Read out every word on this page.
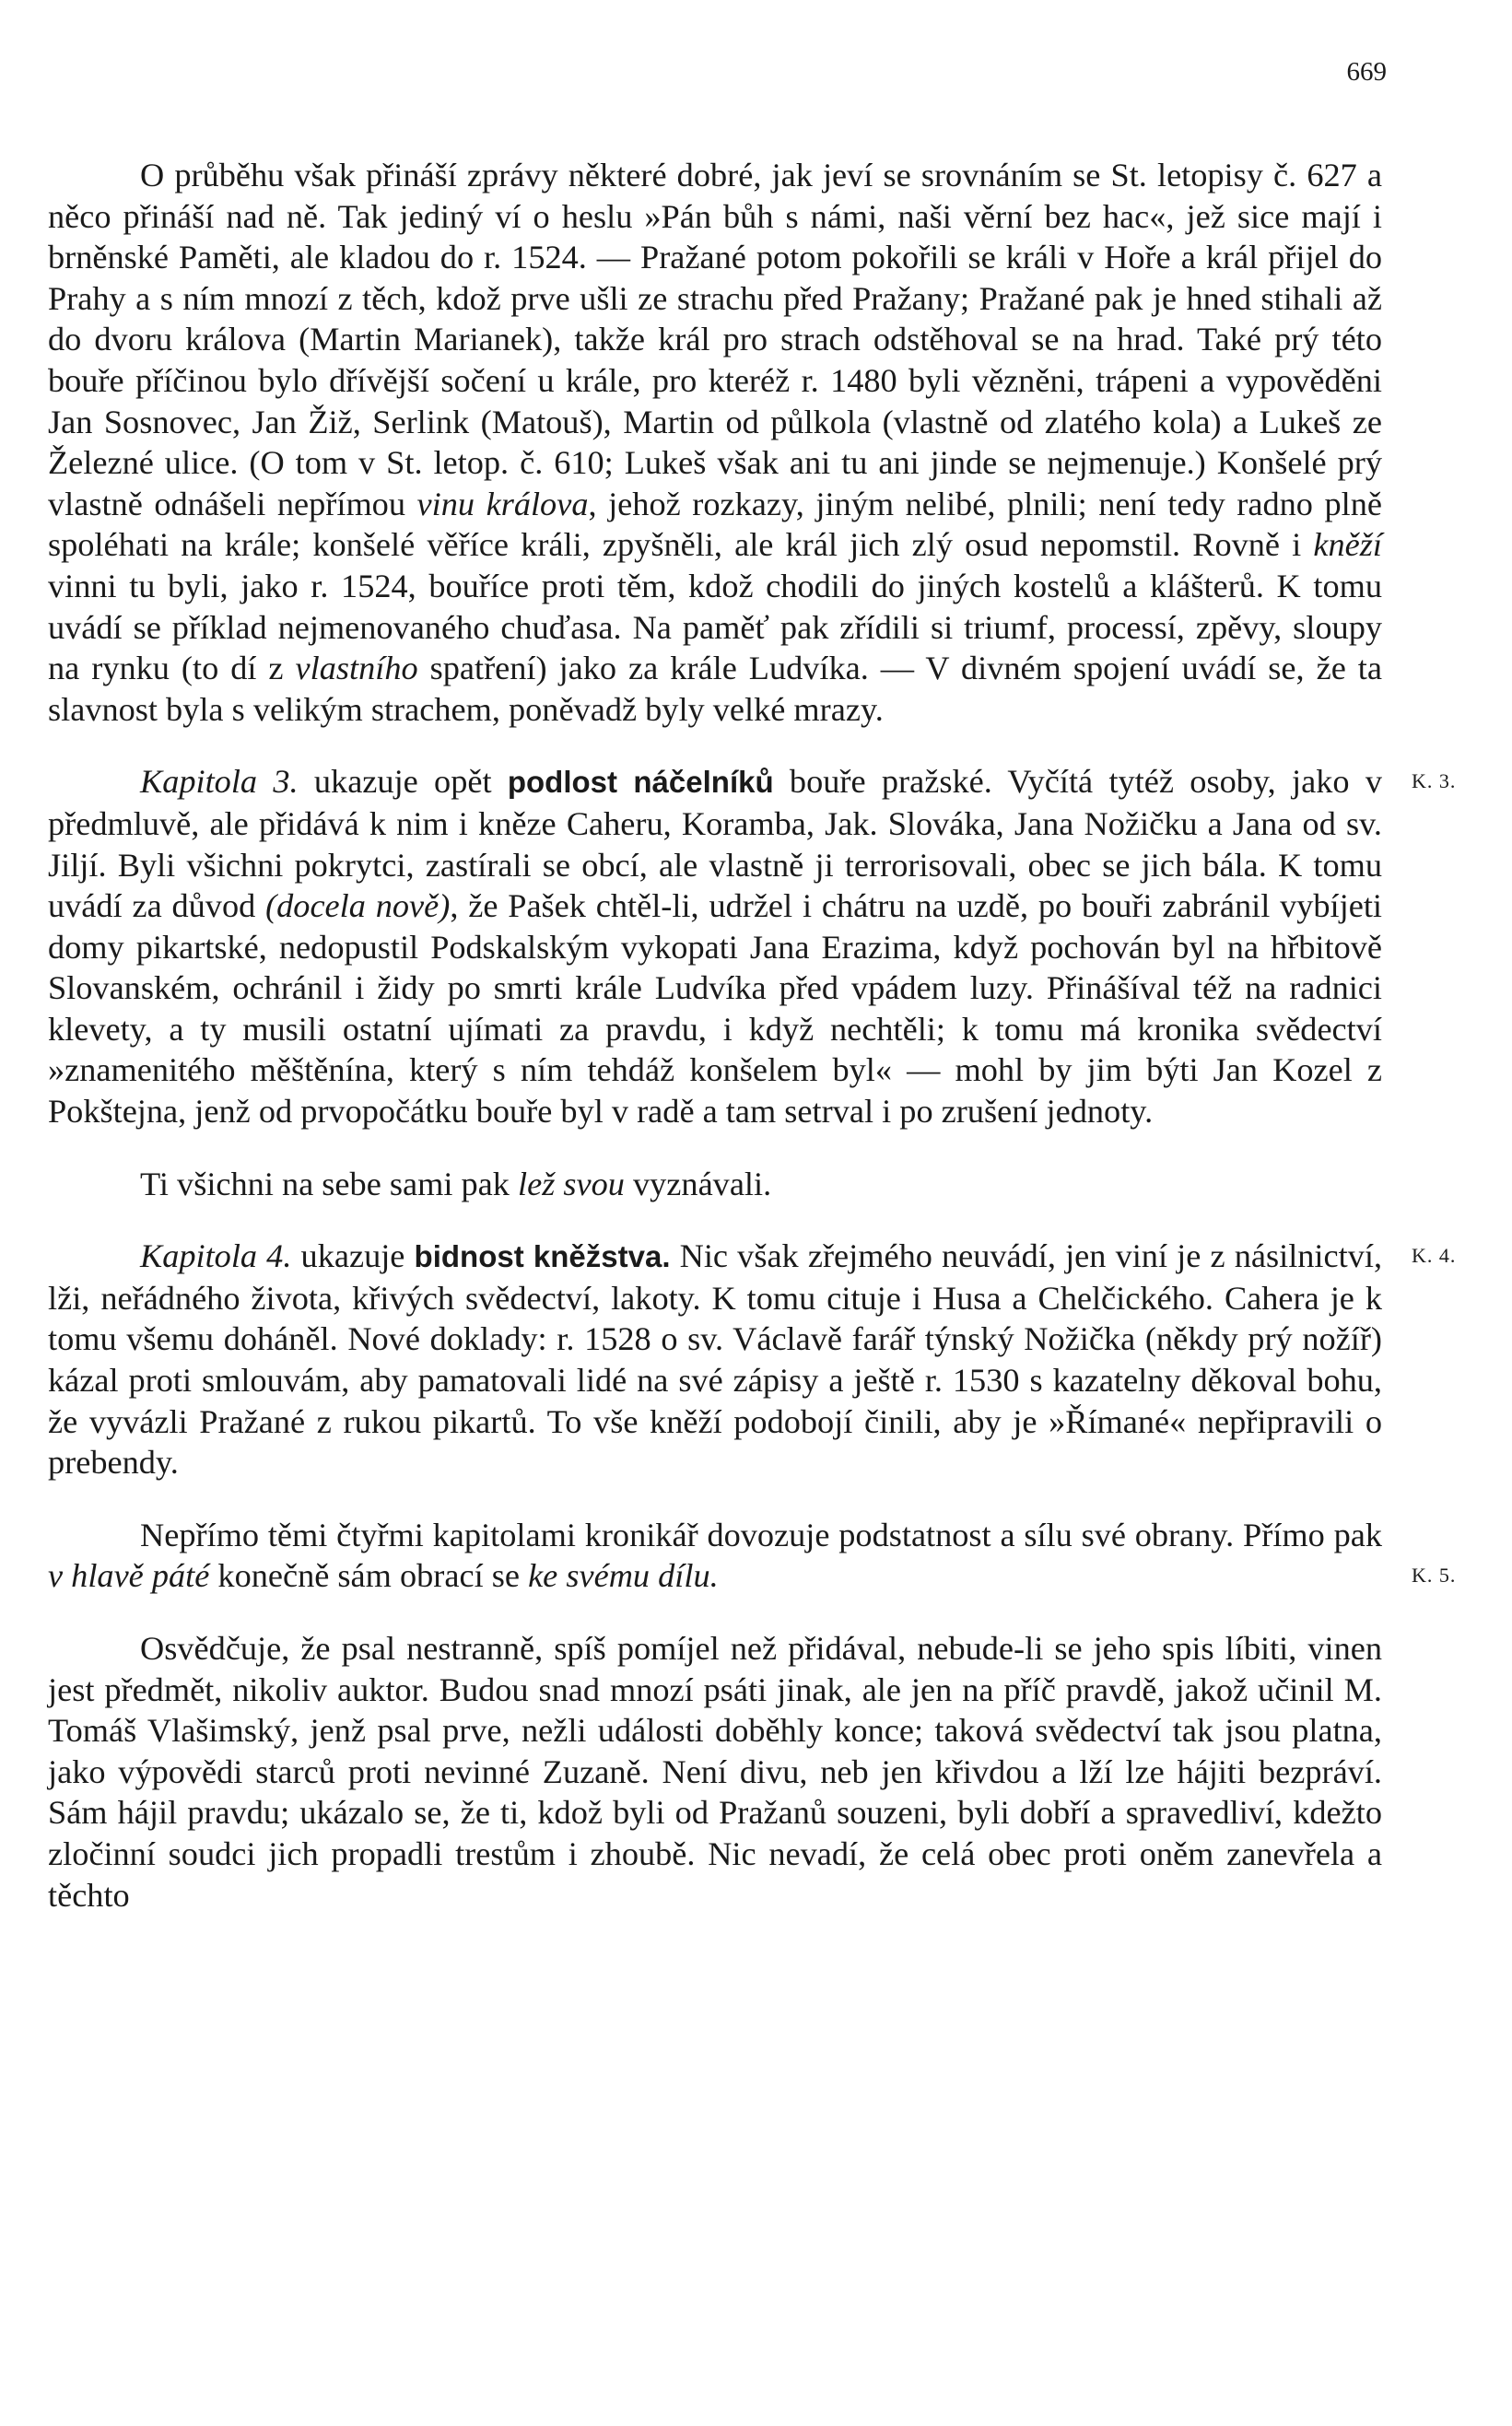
669

O průběhu však přináší zprávy některé dobré, jak jeví se srovnáním se St. letopisy č. 627 a něco přináší nad ně. Tak jediný ví o heslu »Pán bůh s námi, naši věrní bez hac«, jež sice mají i brněnské Paměti, ale kladou do r. 1524. — Pražané potom pokořili se králi v Hoře a král přijel do Prahy a s ním mnozí z těch, kdož prve ušli ze strachu před Pražany; Pražané pak je hned stihali až do dvoru králova (Martin Marianek), takže král pro strach odstěhoval se na hrad. Také prý této bouře příčinou bylo dřívější sočení u krále, pro kteréž r. 1480 byli vězněni, trápeni a vypověděni Jan Sosnovec, Jan Žiž, Serlink (Matouš), Martin od půlkola (vlastně od zlatého kola) a Lukeš ze Železné ulice. (O tom v St. letop. č. 610; Lukeš však ani tu ani jinde se nejmenuje.) Konšelé prý vlastně odnášeli nepřímou vinu králova, jehož rozkazy, jiným nelibé, plnili; není tedy radno plně spoléhati na krále; konšelé věříce králi, zpyšněli, ale král jich zlý osud nepomstil. Rovně i kněží vinni tu byli, jako r. 1524, bouříce proti těm, kdož chodili do jiných kostelů a klášterů. K tomu uvádí se příklad nejmenovaného chuďasa. Na paměť pak zřídili si triumf, processí, zpěvy, sloupy na rynku (to dí z vlastního spatření) jako za krále Ludvíka. — V divném spojení uvádí se, že ta slavnost byla s velikým strachem, poněvadž byly velké mrazy.

K. 3.
Kapitola 3. ukazuje opět podlost náčelníků bouře pražské. Vyčítá tytéž osoby, jako v předmluvě, ale přidává k nim i kněze Caheru, Koramba, Jak. Slováka, Jana Nožičku a Jana od sv. Jiljí. Byli všichni pokrytci, zastírali se obcí, ale vlastně ji terrorisovali, obec se jich bála. K tomu uvádí za důvod (docela nově), že Pašek chtěl-li, udržel i chátru na uzdě, po bouři zabránil vybíjeti domy pikartské, nedopustil Podskalským vykopati Jana Erazima, když pochován byl na hřbitově Slovanském, ochránil i židy po smrti krále Ludvíka před vpádem luzy. Přinášíval též na radnici klevety, a ty musili ostatní ujímati za pravdu, i když nechtěli; k tomu má kronika svědectví »znamenitého měštěnína, který s ním tehdáž konšelem byl« — mohl by jim býti Jan Kozel z Pokštejna, jenž od prvopočátku bouře byl v radě a tam setrval i po zrušení jednoty.

Ti všichni na sebe sami pak lež svou vyznávali.

K. 4.
Kapitola 4. ukazuje bidnost kněžstva. Nic však zřejmého neuvádí, jen viní je z násilnictví, lži, neřádného života, křivých svědectví, lakoty. K tomu cituje i Husa a Chelčického. Cahera je k tomu všemu doháněl. Nové doklady: r. 1528 o sv. Václavě farář týnský Nožička (někdy prý nožíř) kázal proti smlouvám, aby pamatovali lidé na své zápisy a ještě r. 1530 s kazatelny děkoval bohu, že vyvázli Pražané z rukou pikartů. To vše kněží podobojí činili, aby je »Římané« nepřipravili o prebendy.

K. 5.
Nepřímo těmi čtyřmi kapitolami kronikář dovozuje podstatnost a sílu své obrany. Přímo pak v hlavě páté konečně sám obrací se ke svému dílu.

Osvědčuje, že psal nestranně, spíš pomíjel než přidával, nebude-li se jeho spis líbiti, vinen jest předmět, nikoliv auktor. Budou snad mnozí psáti jinak, ale jen na příč pravdě, jakož učinil M. Tomáš Vlašimský, jenž psal prve, nežli události doběhly konce; taková svědectví tak jsou platna, jako výpovědi starců proti nevinné Zuzaně. Není divu, neb jen křivdou a lží lze hájiti bezpráví. Sám hájil pravdu; ukázalo se, že ti, kdož byli od Pražanů souzeni, byli dobří a spravedliví, kdežto zločinní soudci jich propadli trestům i zhoubě. Nic nevadí, že celá obec proti oněm zanevřela a těchto
